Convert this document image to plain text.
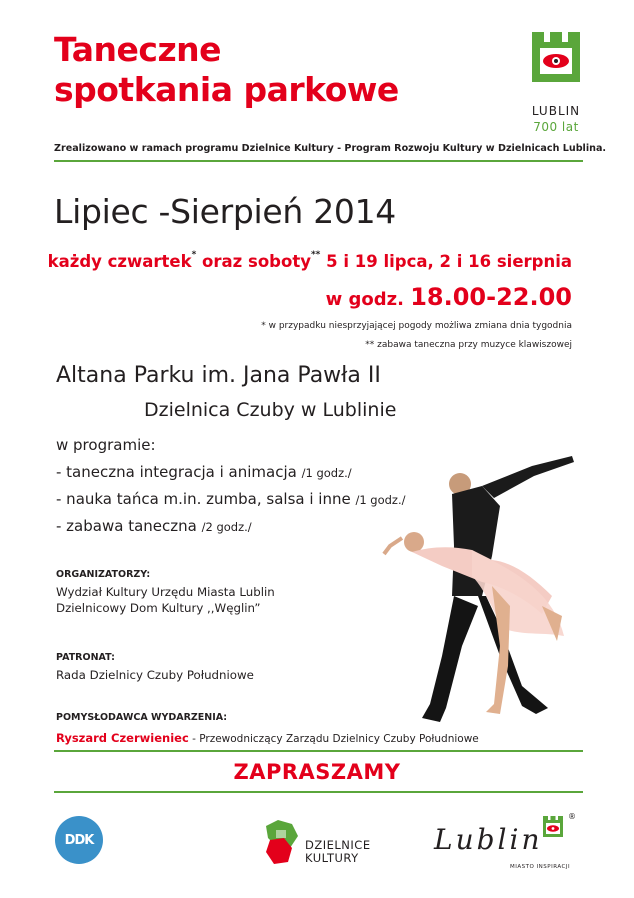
Taneczne
spotkania parkowe
LUBLIN
700 lat
Zrealizowano w ramach programu Dzielnice Kultury - Program Rozwoju Kultury w Dzielnicach Lublina.
Lipiec -Sierpień 2014
każdy czwartek* oraz soboty** 5 i 19 lipca, 2 i 16 sierpnia
w godz. 18.00-22.00
* w przypadku niesprzyjającej pogody możliwa zmiana dnia tygodnia
** zabawa taneczna przy muzyce klawiszowej
Altana Parku im. Jana Pawła II
Dzielnica Czuby w Lublinie
w programie:
- taneczna integracja i animacja /1 godz./
- nauka tańca m.in. zumba, salsa i inne /1 godz./
- zabawa taneczna /2 godz./
ORGANIZATORZY:
Wydział Kultury Urzędu Miasta Lublin
Dzielnicowy Dom Kultury ,,Węglin”
PATRONAT:
Rada Dzielnicy Czuby Południowe
POMYSŁODAWCA WYDARZENIA:
Ryszard Czerwieniec - Przewodniczący Zarządu Dzielnicy Czuby Południowe
ZAPRASZAMY
DDK	DZIELNICE
KULTURY
Lublin
®
MIASTO INSPIRACJI
